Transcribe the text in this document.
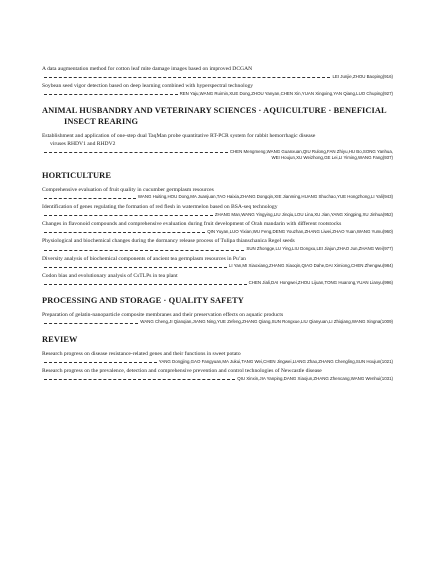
A data augmentation method for cotton leaf mite damage images based on improved DCGAN
LEI Junjie,ZHOU Baoping (916)
Soybean seed vigor detection based on deep learning combined with hyperspectral technology
REN Yaju,WANG Ruimin,XUE Dong,ZHOU Yanyan,CHEN Xin,YUAN Xingxing,YAN Qiang,LUO Chuping (927)
ANIMAL HUSBANDRY AND VETERINARY SCIENCES · AQUICULTURE · BENEFICIAL
INSECT REARING
Establishment and application of one-step dual TaqMan probe quantitative RT-PCR system for rabbit hemorrhagic disease
viruses RHDV1 and RHDV2
CHEN Mengmeng,WANG Guanxuan,QIU Rulong,FAN Zhiyu,HU Bo,SONG Yanhua,
WEI Houjun,XU Weizhong,GE Lei,LI Yiming,WANG Fang (937)
HORTICULTURE
Comprehensive evaluation of fruit quality in cucumber germplasm resources
WANG Huiting,HOU Dong,MA Juanjuan,TAO Haixia,ZHANG Dongqin,XIE Jianming,HUANG Shuchao,YUE Hongzhong,LI Yali (943)
Identification of genes regulating the formation of red flesh in watermelon based on BSA-seq technology
ZHANG Man,WANG Yingying,LIU Jinqiu,LOU Lina,XU Jian,YANG Xingping,XU Jinhua (952)
Changes in flavonoid compounds and comprehensive evaluation during fruit development of Orah mandarin with different rootstocks
QIN Yuyan,LUO Yixian,WU Feng,DENG Youzhan,ZHANG Liwei,ZHAO Yuan,WANG Yumu (960)
Physiological and biochemical changes during the dormancy release process of Tulipa thianschanica Regel seeds
SUN Zhongge,LU Ying,LIU Dongxu,LEI Jiajun,ZHAO Jun,ZHANG Wei (977)
Diversity analysis of biochemical components of ancient tea germplasm resources in Pu’an
LI Yan,MI Xiaoxiang,ZHANG Xiaoqin,QIAO Dahe,DAI Ximiong,CHEN Zhengwu (984)
Codon bias and evolutionary analysis of CsTLPs in tea plant
CHEN Jiali,DAI Hongwei,ZHOU Lijuan,TONG Huarong,YUAN Lianyu (996)
PROCESSING AND STORAGE · QUALITY SAFETY
Preparation of gelatin-nanoparticle composite membranes and their preservation effects on aquatic products
WANG Cheng,JI Qianqian,JIANG Ning,YUE Zefeng,ZHANG Qiang,SUN Rongxue,LIU Qianyuan,LI Zhiqiang,WANG Xingna (1009)
REVIEW
Research progress on disease resistance-related genes and their functions in sweet potato
YANG Dongjing,GAO Fangyuan,MA Jukui,TANG Wei,CHEN Jingwei,LIANG Zhao,ZHANG Chengling,SUN Houjun (1021)
Research progress on the prevalence, detection and comprehensive prevention and control technologies of Newcastle disease
QIU Xinxin,JIA Yanping,DANG Xiaojun,ZHANG Zhencang,WANG Wenhui (1031)
